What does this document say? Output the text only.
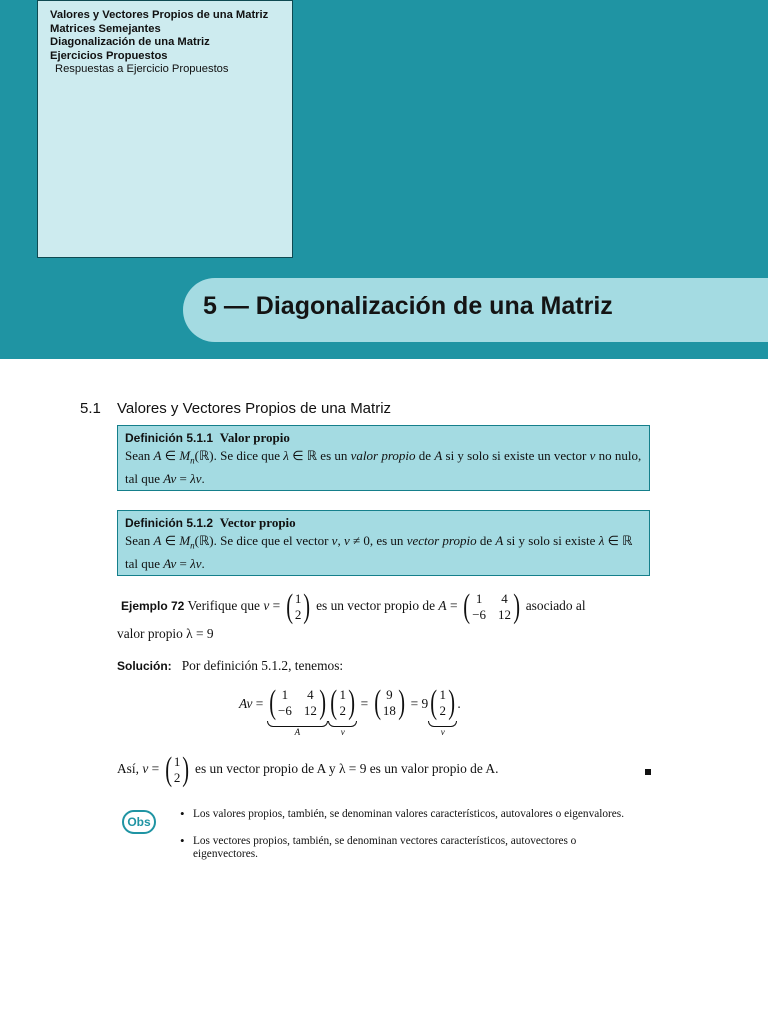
Valores y Vectores Propios de una Matriz
Matrices Semejantes
Diagonalización de una Matriz
Ejercicios Propuestos
Respuestas a Ejercicio Propuestos
5 — Diagonalización de una Matriz
5.1 Valores y Vectores Propios de una Matriz
Definición 5.1.1 Valor propio
Sean A ∈ $M_n(ℝ)$. Se dice que λ ∈ ℝ es un valor propio de A si y solo si existe un vector v no nulo, tal que Av = λv.
Definición 5.1.2 Vector propio
Sean A ∈ $M_n(ℝ)$. Se dice que el vector v, v ≠ 0, es un vector propio de A si y solo si existe λ ∈ ℝ tal que Av = λv.
Ejemplo 72 Verifique que v = ( 1
2 ) es un vector propio de A = ( 1 4
−6 12 ) asociado al
valor propio λ = 9
Solución: Por definición 5.1.2, tenemos:
Av = ( 1 4
−6 12 )
A
( 1
2 )
v
= ( 9
18 ) = 9 ( 1
2 )
v
.
Así, v = ( 1
2 ) es un vector propio de A y λ = 9 es un valor propio de A.
Obs
• Los valores propios, también, se denominan valores característicos, autovalores o eigenvalores.
• Los vectores propios, también, se denominan vectores característicos, autovectores o eigenvectores.
